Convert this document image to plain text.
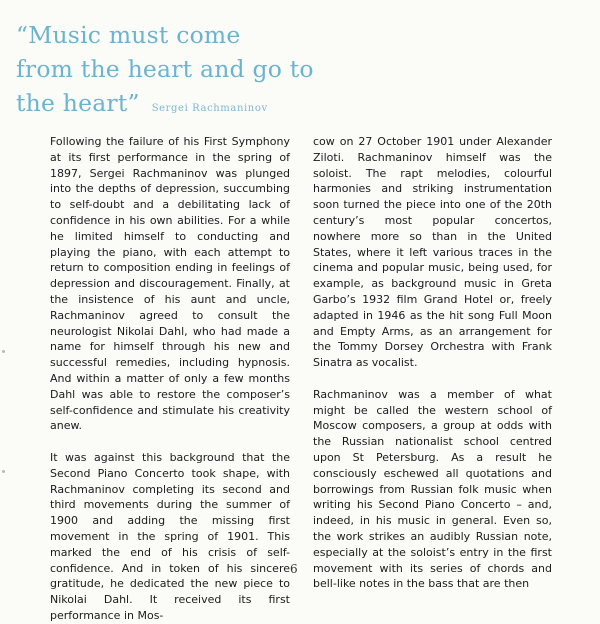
“Music must come
from the heart and go to
the heart” Sergei Rachmaninov

Following the failure of his First Symphony at its first performance in the spring of 1897, Sergei Rachmaninov was plunged into the depths of depression, succumbing to self-doubt and a debilitating lack of confidence in his own abilities. For a while he limited himself to conducting and playing the piano, with each attempt to return to composition ending in feelings of depression and discouragement. Finally, at the insistence of his aunt and uncle, Rachmaninov agreed to consult the neurologist Nikolai Dahl, who had made a name for himself through his new and successful remedies, including hypnosis. And within a matter of only a few months Dahl was able to restore the composer’s self-confidence and stimulate his creativity anew.

It was against this background that the Second Piano Concerto took shape, with Rachmaninov completing its second and third movements during the summer of 1900 and adding the missing first movement in the spring of 1901. This marked the end of his crisis of self-confidence. And in token of his sincere gratitude, he dedicated the new piece to Nikolai Dahl. It received its first performance in Mos-

cow on 27 October 1901 under Alexander Ziloti. Rachmaninov himself was the soloist. The rapt melodies, colourful harmonies and striking instrumentation soon turned the piece into one of the 20th century’s most popular concertos, nowhere more so than in the United States, where it left various traces in the cinema and popular music, being used, for example, as background music in Greta Garbo’s 1932 film Grand Hotel or, freely adapted in 1946 as the hit song Full Moon and Empty Arms, as an arrangement for the Tommy Dorsey Orchestra with Frank Sinatra as vocalist.

Rachmaninov was a member of what might be called the western school of Moscow composers, a group at odds with the Russian nationalist school centred upon St Petersburg. As a result he consciously eschewed all quotations and borrowings from Russian folk music when writing his Second Piano Concerto – and, indeed, in his music in general. Even so, the work strikes an audibly Russian note, especially at the soloist’s entry in the first movement with its series of chords and bell-like notes in the bass that are then

6
